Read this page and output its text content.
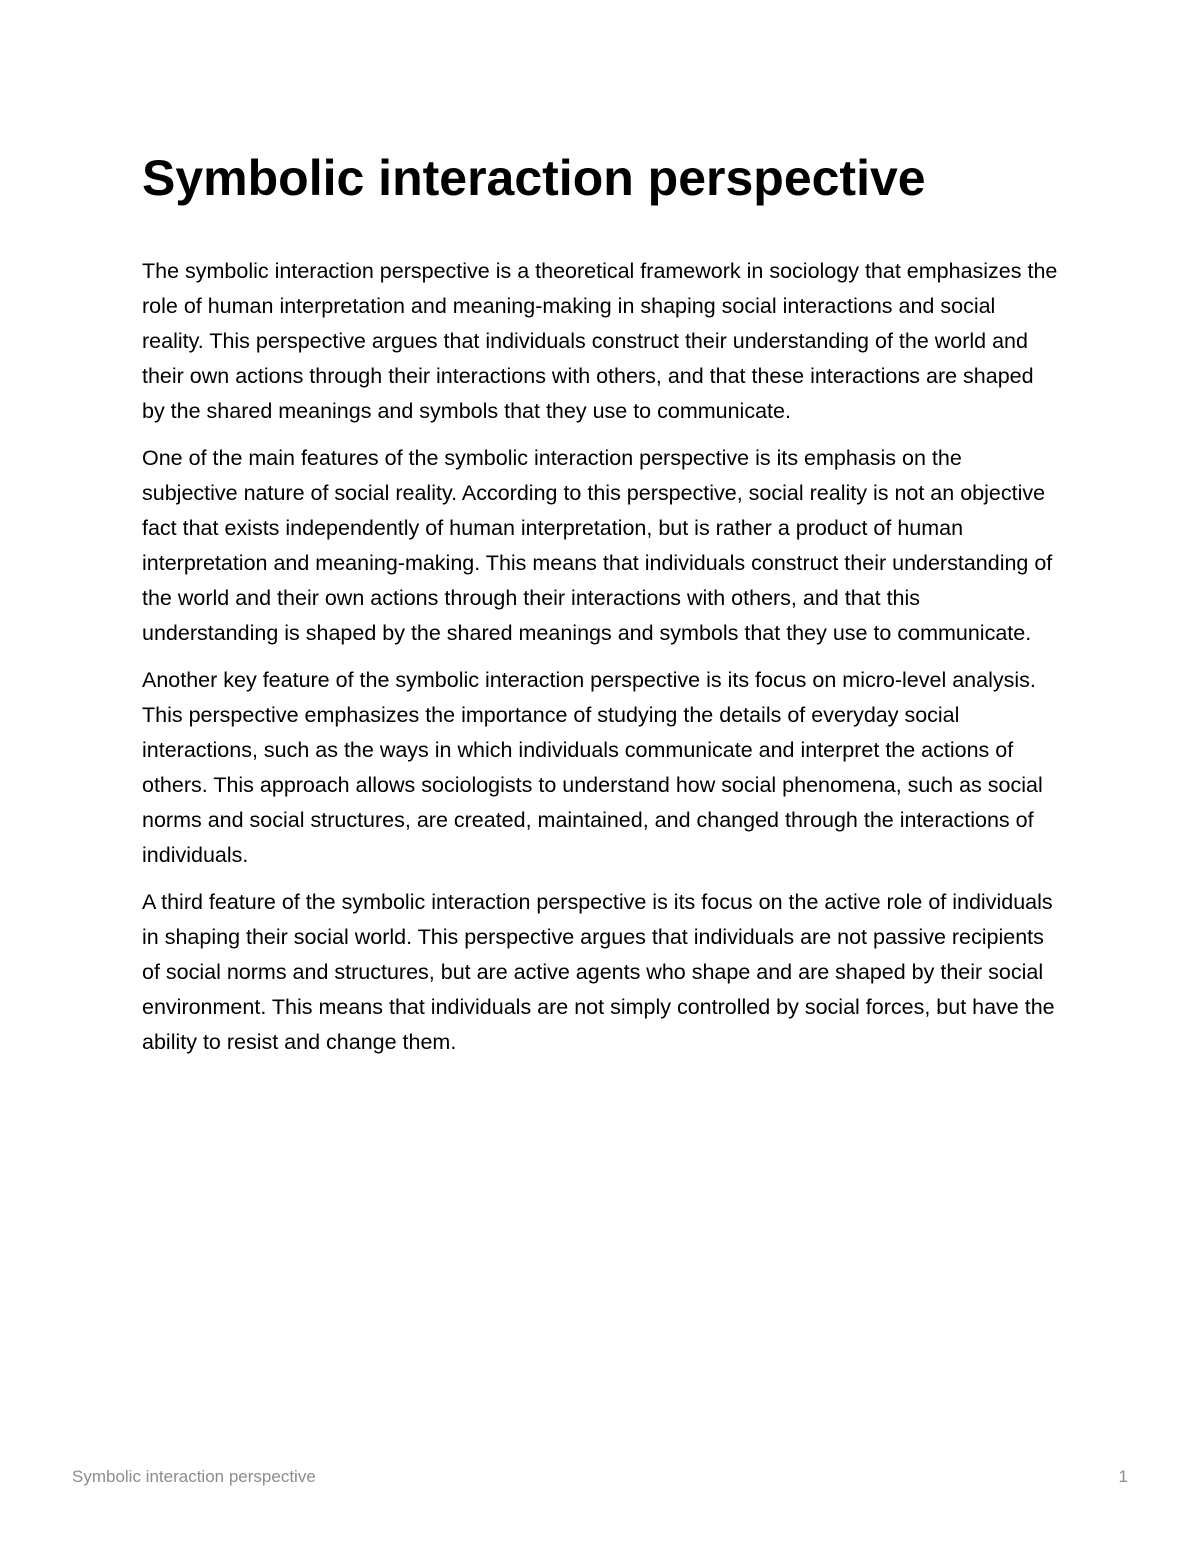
Symbolic interaction perspective

The symbolic interaction perspective is a theoretical framework in sociology that emphasizes the role of human interpretation and meaning-making in shaping social interactions and social reality. This perspective argues that individuals construct their understanding of the world and their own actions through their interactions with others, and that these interactions are shaped by the shared meanings and symbols that they use to communicate.

One of the main features of the symbolic interaction perspective is its emphasis on the subjective nature of social reality. According to this perspective, social reality is not an objective fact that exists independently of human interpretation, but is rather a product of human interpretation and meaning-making. This means that individuals construct their understanding of the world and their own actions through their interactions with others, and that this understanding is shaped by the shared meanings and symbols that they use to communicate.

Another key feature of the symbolic interaction perspective is its focus on micro-level analysis. This perspective emphasizes the importance of studying the details of everyday social interactions, such as the ways in which individuals communicate and interpret the actions of others. This approach allows sociologists to understand how social phenomena, such as social norms and social structures, are created, maintained, and changed through the interactions of individuals.

A third feature of the symbolic interaction perspective is its focus on the active role of individuals in shaping their social world. This perspective argues that individuals are not passive recipients of social norms and structures, but are active agents who shape and are shaped by their social environment. This means that individuals are not simply controlled by social forces, but have the ability to resist and change them.

Symbolic interaction perspective	1
